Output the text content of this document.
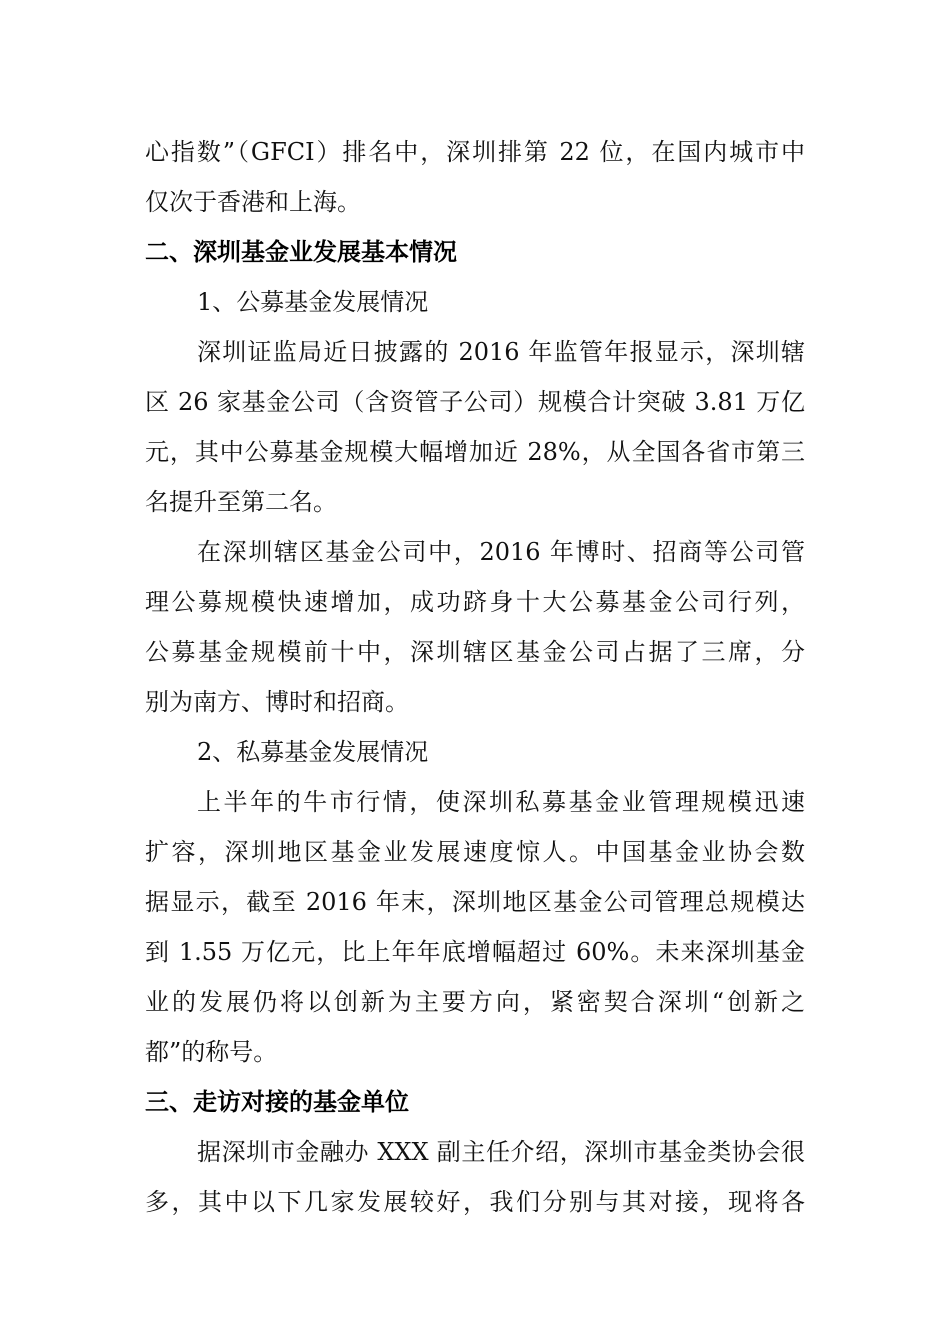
心指数”（GFCI）排名中，深圳排第 22 位，在国内城市中
仅次于香港和上海。
二、深圳基金业发展基本情况
1、公募基金发展情况
深圳证监局近日披露的 2016 年监管年报显示，深圳辖
区 26 家基金公司（含资管子公司）规模合计突破 3.81 万亿
元，其中公募基金规模大幅增加近 28%，从全国各省市第三
名提升至第二名。
在深圳辖区基金公司中，2016 年博时、招商等公司管
理公募规模快速增加，成功跻身十大公募基金公司行列，
公募基金规模前十中，深圳辖区基金公司占据了三席，分
别为南方、博时和招商。
2、私募基金发展情况
上半年的牛市行情，使深圳私募基金业管理规模迅速
扩容，深圳地区基金业发展速度惊人。中国基金业协会数
据显示，截至 2016 年末，深圳地区基金公司管理总规模达
到 1.55 万亿元，比上年年底增幅超过 60%。未来深圳基金
业的发展仍将以创新为主要方向，紧密契合深圳“创新之
都”的称号。
三、走访对接的基金单位
据深圳市金融办 XXX 副主任介绍，深圳市基金类协会很
多，其中以下几家发展较好，我们分别与其对接，现将各
